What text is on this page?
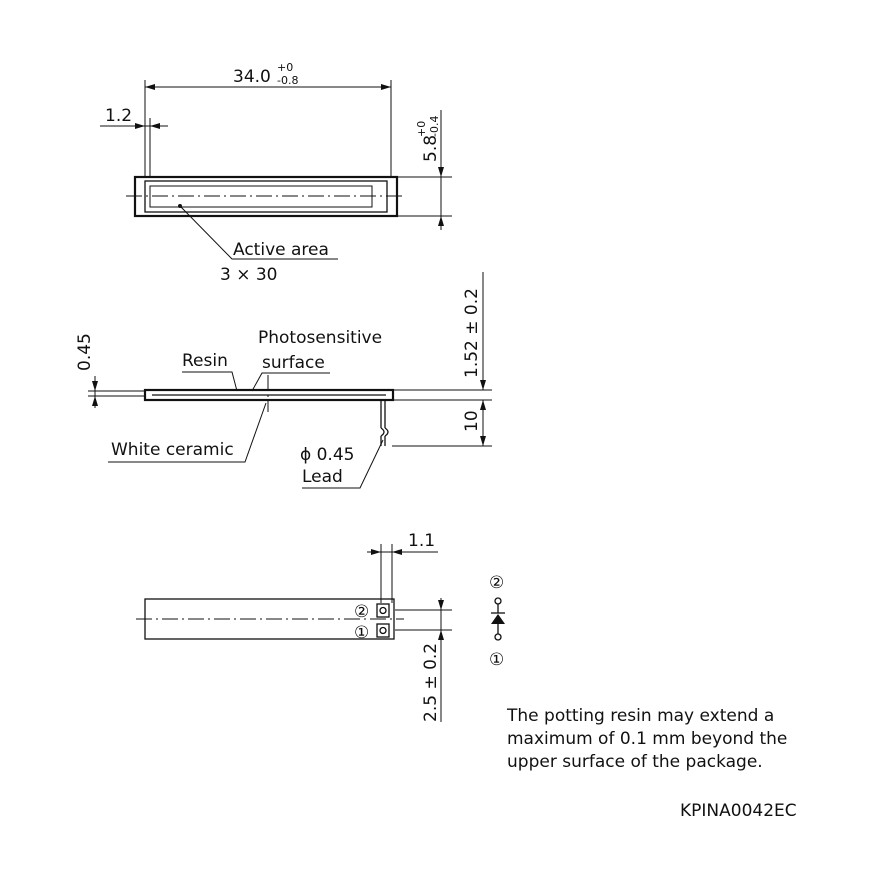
34.0 +0
-0.8
1.2
5.8
+0 -0.4
Active area
3 × 30
0.45	Resin
Photosensitive
surface	1.52 ± 0.2
10
White ceramic	ϕ 0.45
Lead
②
①
1.1
2.5 ± 0.2
②
①
The potting resin may extend a
maximum of 0.1 mm beyond the
upper surface of the package.
KPINA0042EC
